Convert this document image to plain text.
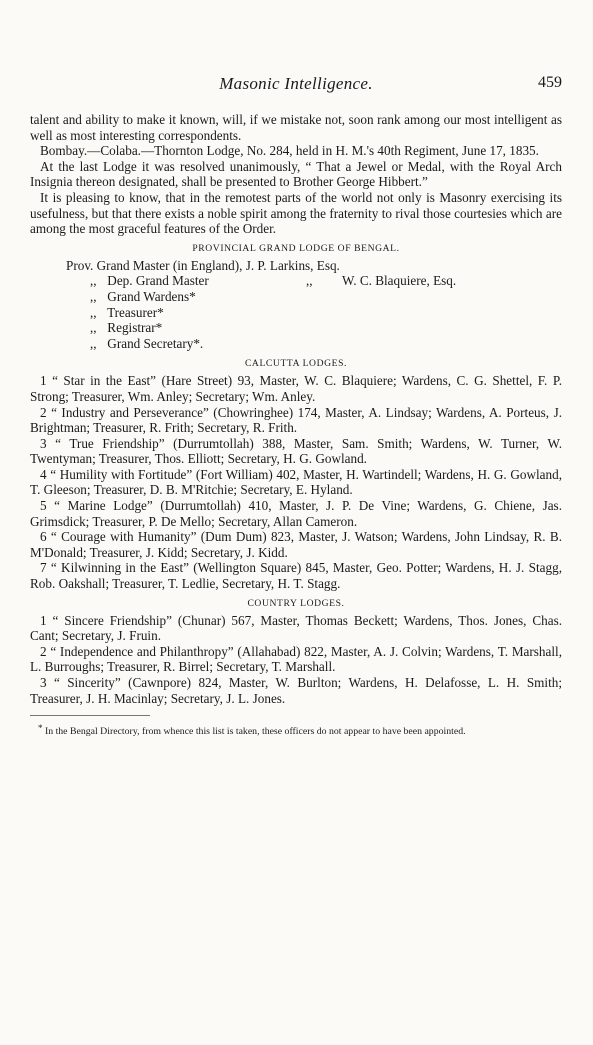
Masonic Intelligence.	459

talent and ability to make it known, will, if we mistake not, soon rank among our most intelligent as well as most interesting correspondents.

Bombay.—Colaba.—Thornton Lodge, No. 284, held in H. M.'s 40th Regiment, June 17, 1835.

At the last Lodge it was resolved unanimously, “ That a Jewel or Medal, with the Royal Arch Insignia thereon designated, shall be presented to Brother George Hibbert.”

It is pleasing to know, that in the remotest parts of the world not only is Masonry exercising its usefulness, but that there exists a noble spirit among the fraternity to rival those courtesies which are among the most graceful features of the Order.

PROVINCIAL GRAND LODGE OF BENGAL.
Prov. Grand Master (in England), J. P. Larkins, Esq.
,, Dep. Grand Master	,, W. C. Blaquiere, Esq.
,, Grand Wardens*
,, Treasurer*
,, Registrar*
,, Grand Secretary*.
CALCUTTA LODGES.

1 “ Star in the East” (Hare Street) 93, Master, W. C. Blaquiere; Wardens, C. G. Shettel, F. P. Strong; Treasurer, Wm. Anley; Secretary; Wm. Anley.

2 “ Industry and Perseverance” (Chowringhee) 174, Master, A. Lindsay; Wardens, A. Porteus, J. Brightman; Treasurer, R. Frith; Secretary, R. Frith.

3 “ True Friendship” (Durrumtollah) 388, Master, Sam. Smith; Wardens, W. Turner, W. Twentyman; Treasurer, Thos. Elliott; Secretary, H. G. Gowland.

4 “ Humility with Fortitude” (Fort William) 402, Master, H. Wartindell; Wardens, H. G. Gowland, T. Gleeson; Treasurer, D. B. M'Ritchie; Secretary, E. Hyland.

5 “ Marine Lodge” (Durrumtollah) 410, Master, J. P. De Vine; Wardens, G. Chiene, Jas. Grimsdick; Treasurer, P. De Mello; Secretary, Allan Cameron.

6 “ Courage with Humanity” (Dum Dum) 823, Master, J. Watson; Wardens, John Lindsay, R. B. M'Donald; Treasurer, J. Kidd; Secretary, J. Kidd.

7 “ Kilwinning in the East” (Wellington Square) 845, Master, Geo. Potter; Wardens, H. J. Stagg, Rob. Oakshall; Treasurer, T. Ledlie, Secretary, H. T. Stagg.

COUNTRY LODGES.

1 “ Sincere Friendship” (Chunar) 567, Master, Thomas Beckett; Wardens, Thos. Jones, Chas. Cant; Secretary, J. Fruin.

2 “ Independence and Philanthropy” (Allahabad) 822, Master, A. J. Colvin; Wardens, T. Marshall, L. Burroughs; Treasurer, R. Birrel; Secretary, T. Marshall.

3 “ Sincerity” (Cawnpore) 824, Master, W. Burlton; Wardens, H. Delafosse, L. H. Smith; Treasurer, J. H. Macinlay; Secretary, J. L. Jones.

* In the Bengal Directory, from whence this list is taken, these officers do not appear to have been appointed.
